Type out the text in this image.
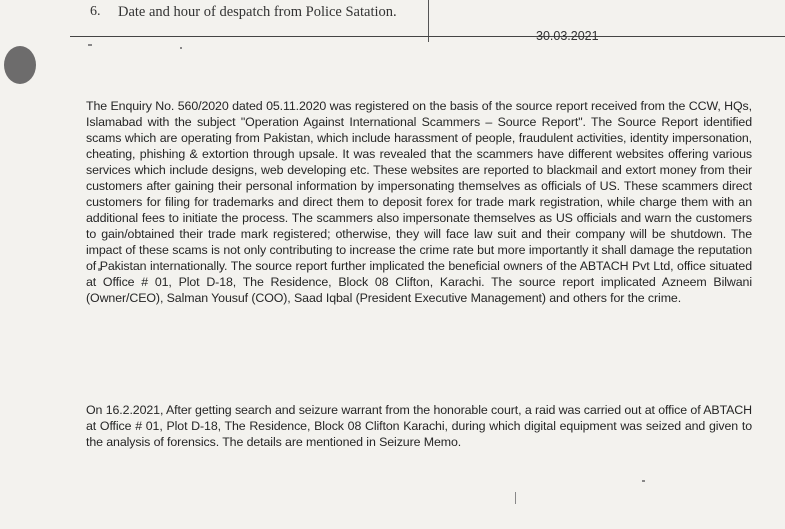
6. Date and hour of despatch from Police Satation.
30.03.2021

The Enquiry No. 560/2020 dated 05.11.2020 was registered on the basis of the source report received from the CCW, HQs, Islamabad with the subject "Operation Against International Scammers – Source Report". The Source Report identified scams which are operating from Pakistan, which include harassment of people, fraudulent activities, identity impersonation, cheating, phishing & extortion through upsale. It was revealed that the scammers have different websites offering various services which include designs, web developing etc. These websites are reported to blackmail and extort money from their customers after gaining their personal information by impersonating themselves as officials of US. These scammers direct customers for filing for trademarks and direct them to deposit forex for trade mark registration, while charge them with an additional fees to initiate the process. The scammers also impersonate themselves as US officials and warn the customers to gain/obtained their trade mark registered; otherwise, they will face law suit and their company will be shutdown. The impact of these scams is not only contributing to increase the crime rate but more importantly it shall damage the reputation of Pakistan internationally. The source report further implicated the beneficial owners of the ABTACH Pvt Ltd, office situated at Office # 01, Plot D-18, The Residence, Block 08 Clifton, Karachi. The source report implicated Azneem Bilwani (Owner/CEO), Salman Yousuf (COO), Saad Iqbal (President Executive Management) and others for the crime.

On 16.2.2021, After getting search and seizure warrant from the honorable court, a raid was carried out at office of ABTACH at Office # 01, Plot D-18, The Residence, Block 08 Clifton Karachi, during which digital equipment was seized and given to the analysis of forensics. The details are mentioned in Seizure Memo.
